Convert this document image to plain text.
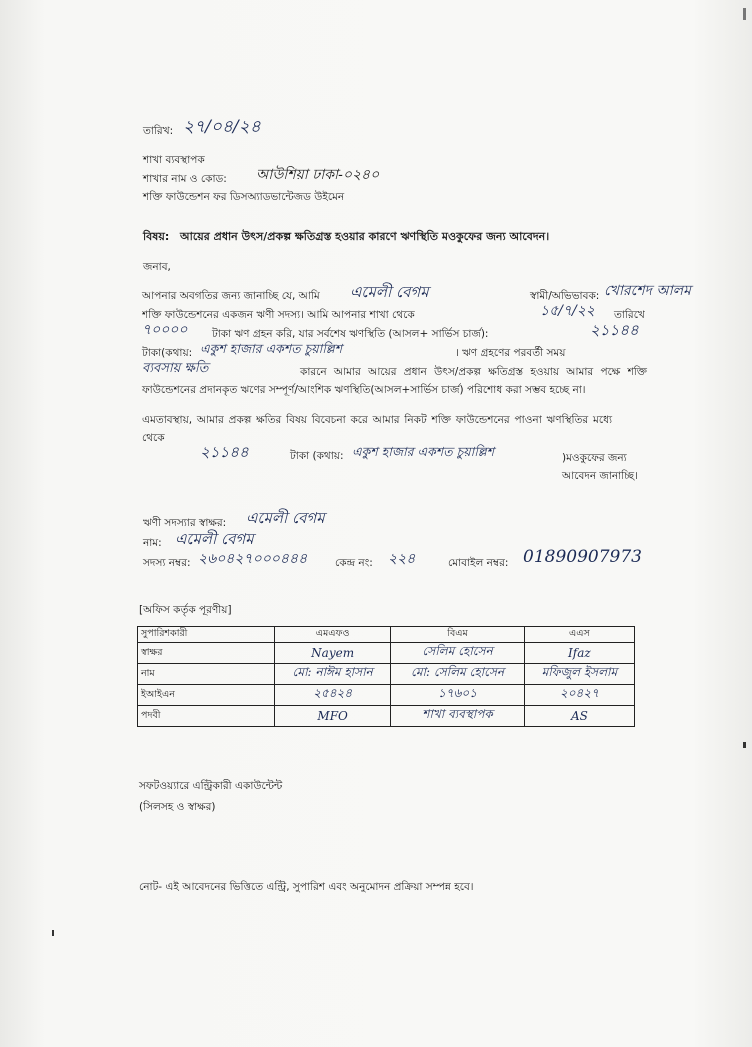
তারিখ: ২৭/০৪/২৪
শাখা ব্যবস্থাপক
শাখার নাম ও কোড: আউশিয়া ঢাকা-০২৪০
শক্তি ফাউন্ডেশন ফর ডিসঅ্যাডভান্টেজড উইমেন
বিষয়: আয়ের প্রধান উৎস/প্রকল্প ক্ষতিগ্রস্ত হওয়ার কারণে ঋণস্থিতি মওকুফের জন্য আবেদন।
জনাব,
আপনার অবগতির জন্য জানাচ্ছি যে, আমি এমেলী বেগম	স্বামী/অভিভাবক: খোরশেদ আলম
শক্তি ফাউন্ডেশনের একজন ঋণী সদস্য। আমি আপনার শাখা থেকে	১৫/৭/২২ তারিখে
৭০০০০ টাকা ঋণ গ্রহন করি, যার সর্বশেষ ঋণস্থিতি (আসল+ সার্ভিস চার্জ):	২১১৪৪
টাকা(কথায়: একুশ হাজার একশত চুয়াল্লিশ	। ঋণ গ্রহণের পরবর্তী সময়
ব্যবসায় ক্ষতি	কারনে আমার আয়ের প্রধান উৎস/প্রকল্প ক্ষতিগ্রস্ত হওয়ায় আমার পক্ষে শক্তি ফাউন্ডেশনের প্রদানকৃত ঋণের সম্পূর্ণ/আংশিক ঋণস্থিতি(আসল+সার্ভিস চার্জ) পরিশোধ করা সম্ভব হচ্ছে না।
এমতাবস্থায়, আমার প্রকল্প ক্ষতির বিষয় বিবেচনা করে আমার নিকট শক্তি ফাউন্ডেশনের পাওনা ঋণস্থিতির মধ্যে থেকে
২১১৪৪	টাকা (কথায়: একুশ হাজার একশত চুয়াল্লিশ	)মওকুফের জন্য আবেদন জানাচ্ছি।
ঋণী সদস্যার স্বাক্ষর: এমেলী বেগম
নাম: এমেলী বেগম
সদস্য নম্বর: ২৬০৪২৭০০০৪৪৪	কেন্দ্র নং: ২২৪	মোবাইল নম্বর: 01890907973
[অফিস কর্তৃক পূরণীয়]
সুপারিশকারী	এমএফও	বিএম	এএস
স্বাক্ষর	Nayem	সেলিম হোসেন	Ifaz
নাম	মো: নাঈম হাসান	মো: সেলিম হোসেন	মফিজুল ইসলাম
ইআইএন	২৫৪২৪	১৭৬০১	২০৪২৭
পদবী	MFO	শাখা ব্যবস্থাপক	AS
সফটওয়্যারে এন্ট্রিকারী একাউন্টেন্ট
(সিলসহ ও স্বাক্ষর)
নোট- এই আবেদনের ভিত্তিতে এন্ট্রি, সুপারিশ এবং অনুমোদন প্রক্রিয়া সম্পন্ন হবে।
